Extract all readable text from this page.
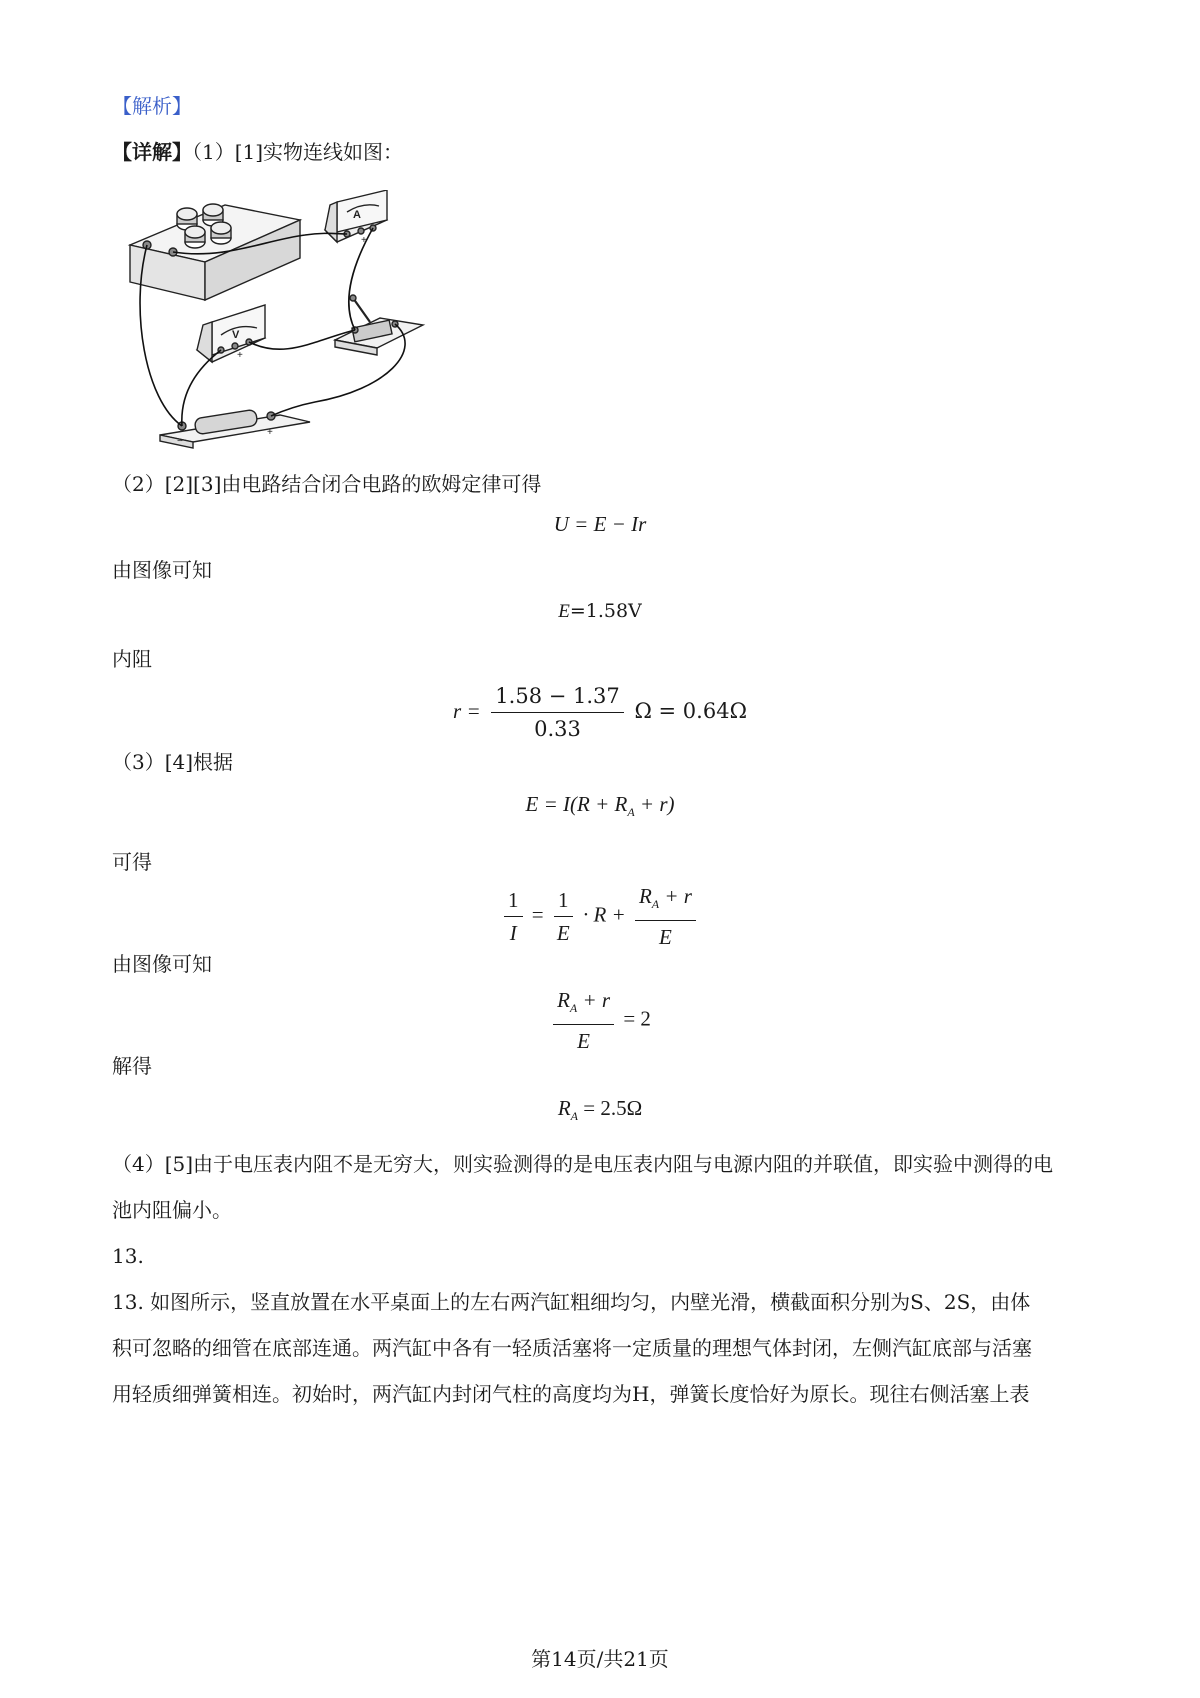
【解析】
【详解】（1）[1]实物连线如图：
A
+
V
+
−
+
（2）[2][3]由电路结合闭合电路的欧姆定律可得
U = E − Ir
由图像可知
E=1.58V
内阻
$r = \frac{1.58 - 1.37}{0.33}$ Ω = 0.64Ω
（3）[4]根据
$E = I(R + R_A + r)$
可得
$\frac{1}{I} = \frac{1}{E} \cdot R + \frac{R_A + r}{E}$
由图像可知
$\frac{R_A + r}{E} = 2$
解得
$R_A = 2.5\Omega$
（4）[5]由于电压表内阻不是无穷大，则实验测得的是电压表内阻与电源内阻的并联值，即实验中测得的电
池内阻偏小。
13.
13. 如图所示，竖直放置在水平桌面上的左右两汽缸粗细均匀，内壁光滑，横截面积分别为S、2S，由体
积可忽略的细管在底部连通。两汽缸中各有一轻质活塞将一定质量的理想气体封闭，左侧汽缸底部与活塞
用轻质细弹簧相连。初始时，两汽缸内封闭气柱的高度均为H，弹簧长度恰好为原长。现往右侧活塞上表
第14页/共21页
